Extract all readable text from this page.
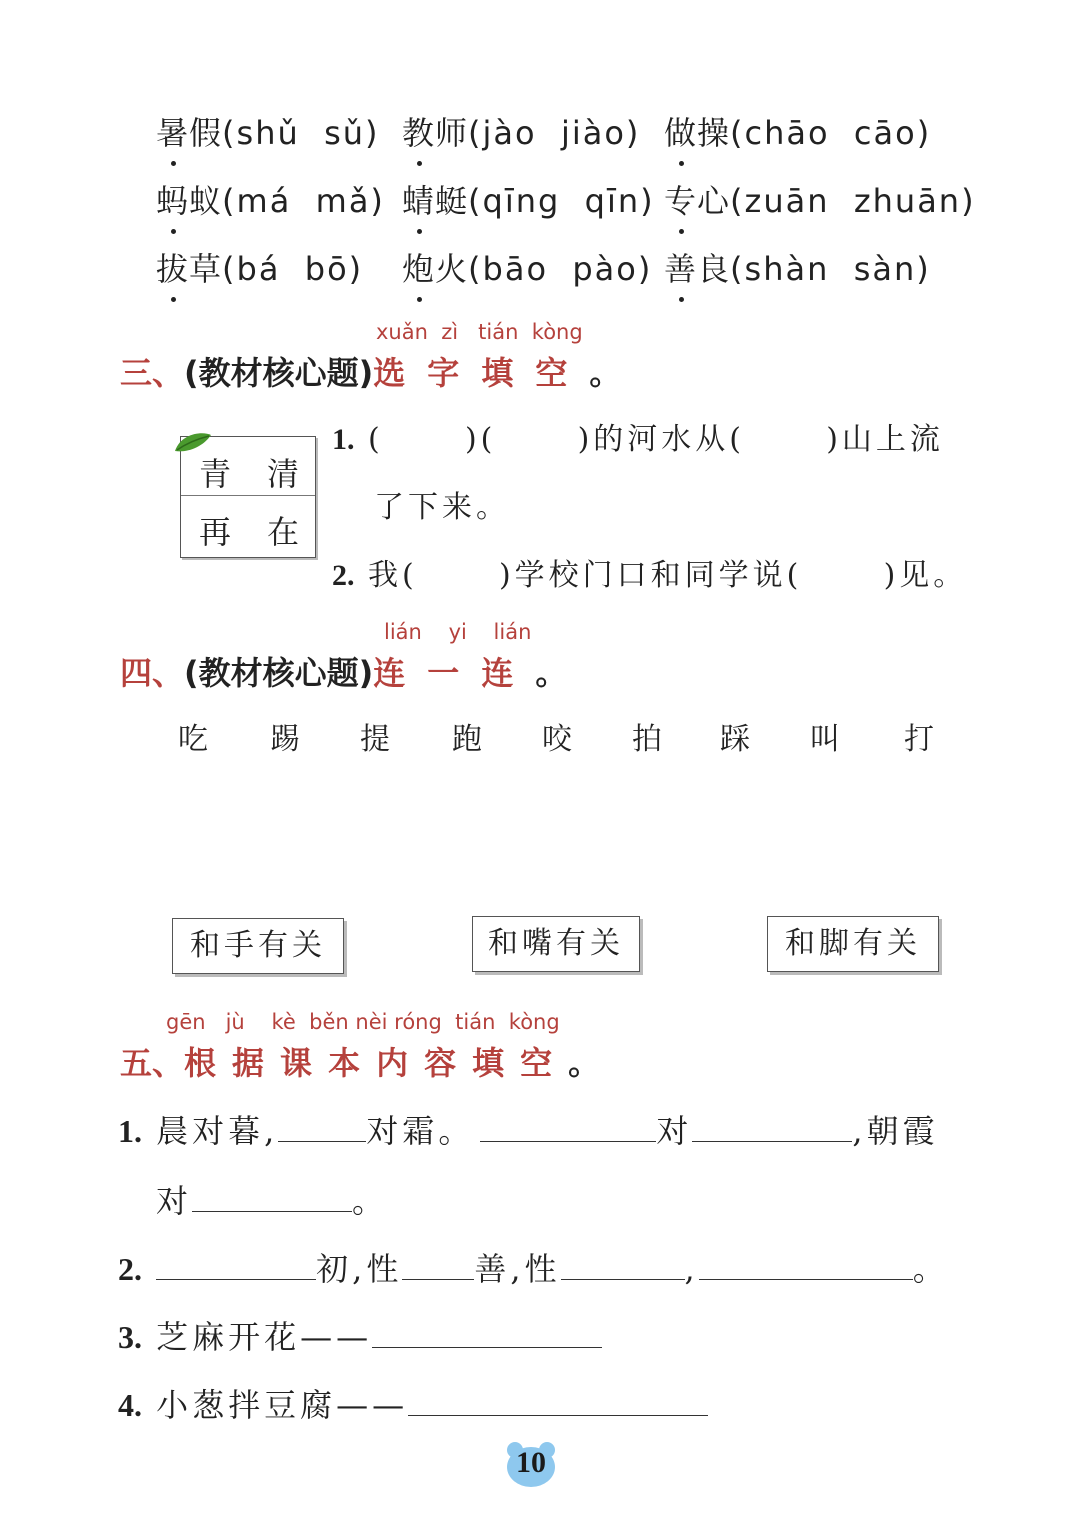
暑假(shǔ  sǔ) 教师(jào  jiào) 做操(chāo  cāo)
蚂蚁(má  mǎ) 蜻蜓(qīng  qīn) 专心(zuān  zhuān)
拔草(bá  bō) 炮火(bāo  pào) 善良(shàn  sàn)
xuǎn zì tián kòng
三、(教材核心题)选字填空。
青 清
再 在
1. (      )(      )的河水从(      )山上流
了下来。
2. 我(      )学校门口和同学说(      )见。
lián yi lián
四、(教材核心题)连一连。
吃 踢 提 跑 咬 拍 踩 叫 打
和手有关	和嘴有关	和脚有关
gēn jù kè běn nèi róng tián kòng
五、根据课本内容填空。
1. 晨对暮,	对霜。	对	,朝霞
对	。
2.	初,性 善,性	,	。
3. 芝麻开花——
4. 小葱拌豆腐——
10
